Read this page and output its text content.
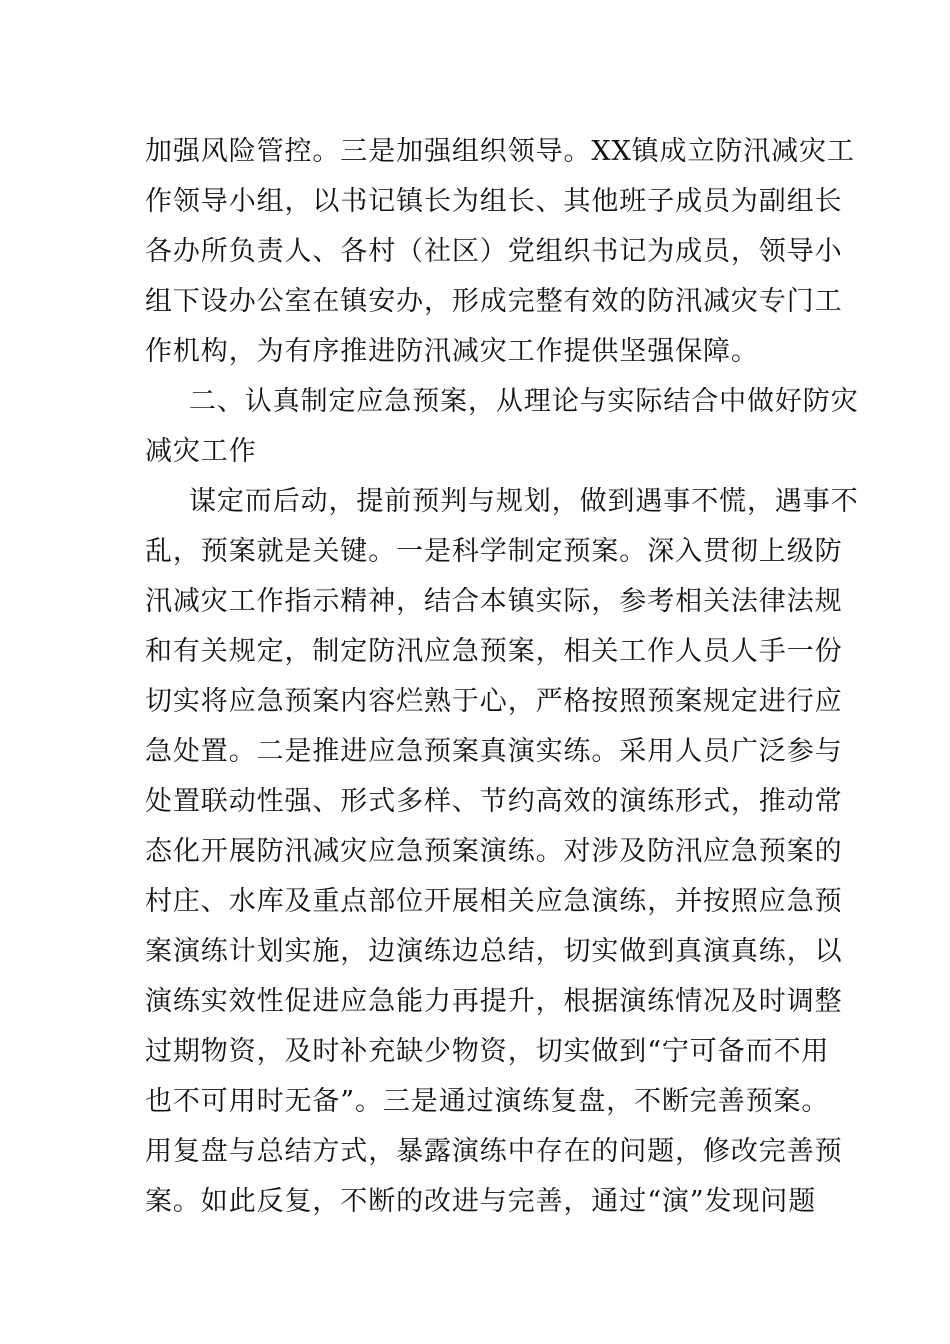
加强风险管控。三是加强组织领导。XX镇成立防汛减灾工
作领导小组，以书记镇长为组长、其他班子成员为副组长
各办所负责人、各村（社区）党组织书记为成员，领导小
组下设办公室在镇安办，形成完整有效的防汛减灾专门工
作机构，为有序推进防汛减灾工作提供坚强保障。
二、认真制定应急预案，从理论与实际结合中做好防灾
减灾工作
谋定而后动，提前预判与规划，做到遇事不慌，遇事不
乱，预案就是关键。一是科学制定预案。深入贯彻上级防
汛减灾工作指示精神，结合本镇实际，参考相关法律法规
和有关规定，制定防汛应急预案，相关工作人员人手一份
切实将应急预案内容烂熟于心，严格按照预案规定进行应
急处置。二是推进应急预案真演实练。采用人员广泛参与
处置联动性强、形式多样、节约高效的演练形式，推动常
态化开展防汛减灾应急预案演练。对涉及防汛应急预案的
村庄、水库及重点部位开展相关应急演练，并按照应急预
案演练计划实施，边演练边总结，切实做到真演真练，以
演练实效性促进应急能力再提升，根据演练情况及时调整
过期物资，及时补充缺少物资，切实做到“宁可备而不用
也不可用时无备”。三是通过演练复盘，不断完善预案。
用复盘与总结方式，暴露演练中存在的问题，修改完善预
案。如此反复，不断的改进与完善，通过“演”发现问题
